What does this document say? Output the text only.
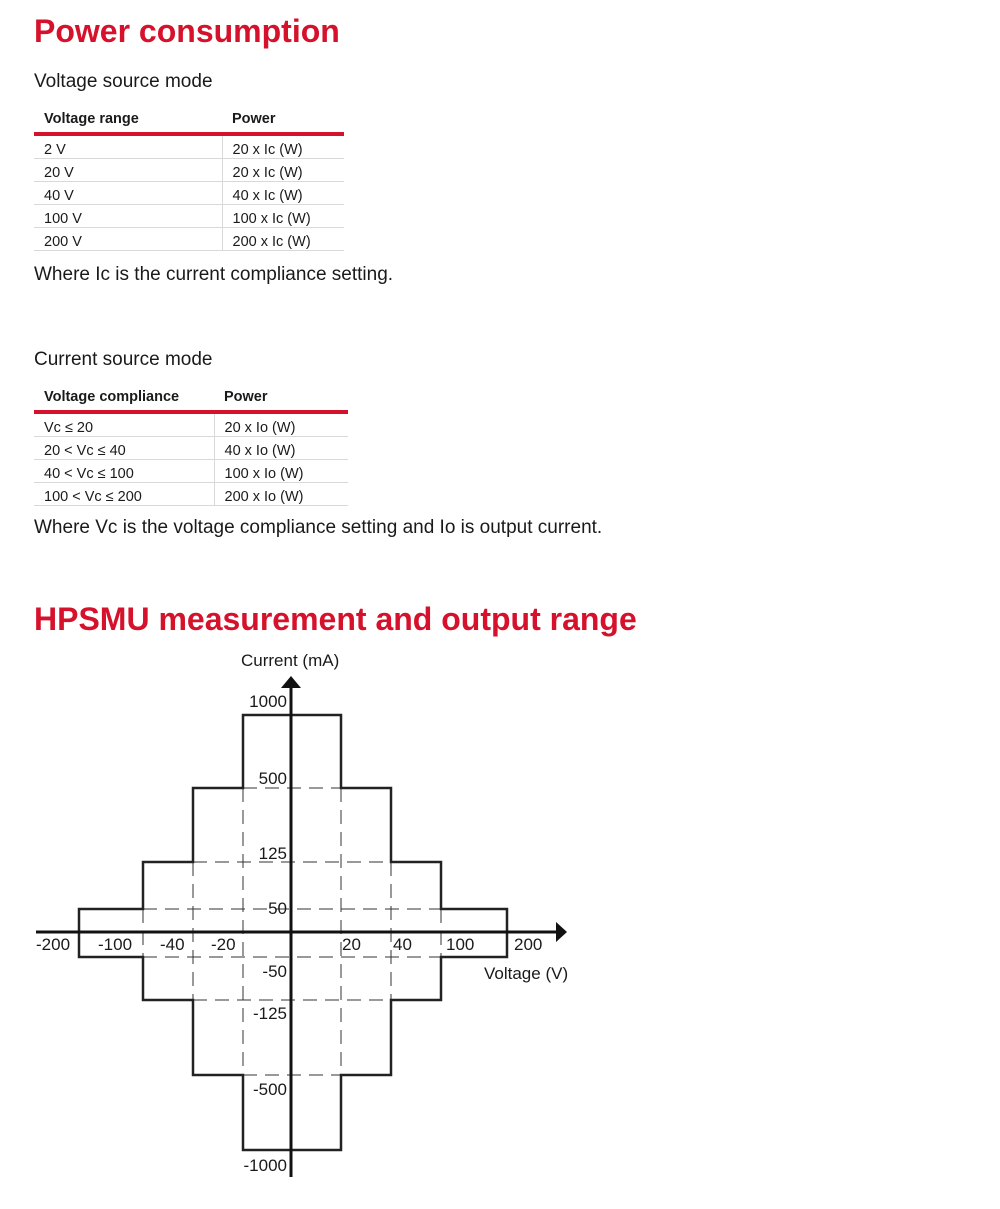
Power consumption

Voltage source mode

Voltage range	Power
2 V	20 x Ic (W)
20 V	20 x Ic (W)
40 V	40 x Ic (W)
100 V	100 x Ic (W)
200 V	200 x Ic (W)

Where Ic is the current compliance setting.

Current source mode

Voltage compliance	Power
Vc ≤ 20	20 x Io (W)
20 < Vc ≤ 40	40 x Io (W)
40 < Vc ≤ 100	100 x Io (W)
100 < Vc ≤ 200	200 x Io (W)

Where Vc is the voltage compliance setting and Io is output current.

HPSMU measurement and output range
-200 -100 -40 -20	20 40 100 200
1000
500
125
50
-50
-125
-500
-1000
Current (mA)
Voltage (V)
